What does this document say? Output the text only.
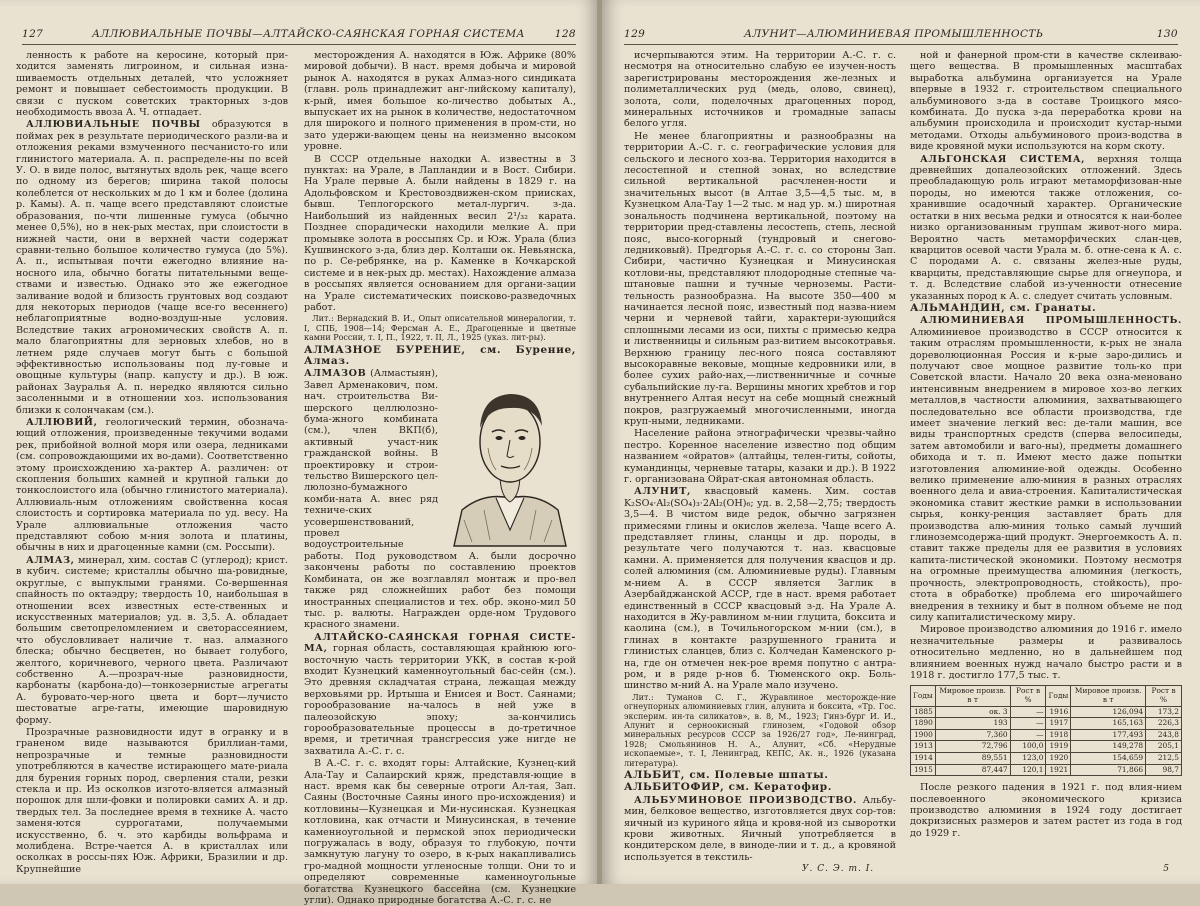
127	АЛЛЮВИАЛЬНЫЕ ПОЧВЫ—АЛТАЙСКО-САЯНСКАЯ ГОРНАЯ СИСТЕМА	128

ленность к работе на керосине, который при-ходится заменять лигроином, и сильная изна-шиваемость отдельных деталей, что усложняет ремонт и повышает себестоимость продукции. В связи с пуском советских тракторных з-дов необходимость ввоза А. Ч. отпадает.

АЛЛЮВИАЛЬНЫЕ ПОЧВЫ образуются в поймах рек в результате периодического разли-ва и отложения реками взмученного песчанисто-го или глинистого материала. А. п. распределе-ны по всей У. О. в виде полос, вытянутых вдоль рек, чаще всего по одному из берегов; ширина такой полосы колеблется от нескольких м до 1 км и более (долина р. Камы). А. п. чаще всего представляют слоистые образования, по-чти лишенные гумуса (обычно менее 0,5%), но в нек-рых местах, при слоистости в нижней части, они в верхней части содержат сравни-тельно большое количество гумуса (до 5%). А. п., испытывая почти ежегодно влияние на-носного ила, обычно богаты питательными веще-ствами и известью. Однако это же ежегодное заливание водой и близость грунтовых вод создают для некоторых периодов (чаще все-го весеннего) неблагоприятные водно-воздуш-ные условия. Вследствие таких агрономических свойств А. п. мало благоприятны для зерновых хлебов, но в летнем ряде случаев могут быть с большой эффективностью использованы под лу-говые и овощные культуры (напр. капусту и др.). В юж. районах Зауралья А. п. нередко являются сильно засоленными и в отношении хоз. использования близки к солончакам (см.).

АЛЛЮВИЙ, геологический термин, обознача-ющий отложения, произведенные текучими водами рек, прибойной волной моря или озера, ледниками (см. сопровождающими их во-дами). Соответственно этому происхождению ха-рактер А. различен: от скопления больших камней и крупной гальки до тонкослоистого ила (обычно глинистого материала). Аллювиаль-ным отложениям свойственна косая слоистость и сортировка материала по уд. весу. На Урале аллювиальные отложения часто представляют собою м-ния золота и платины, обычны в них и драгоценные камни (см. Россыпи).

АЛМАЗ, минерал, хим. состав C (углерод); крист. в кубич. системе; кристаллы обычно ша-ровидные, округлые, с выпуклыми гранями. Со-вершенная спайность по октаэдру; твердость 10, наибольшая в отношении всех известных есте-ственных и искусственных материалов; уд. в. 3,5. А. обладает большим светопреломлением и светорассеянием, что обусловливает наличие т. наз. алмазного блеска; обычно бесцветен, но бывает голубого, желтого, коричневого, черного цвета. Различают собственно А.—прозрач-ные разновидности, карбонаты (карбона-до)—тонкозернистые агрегаты А. буровато-чер-ного цвета и борт—лучисто шестоватые агре-гаты, имеющие шаровидную форму.

Прозрачные разновидности идут в огранку и в граненом виде называются бриллиан-тами, непрозрачные и темные разновидности употребляются в качестве истирающего мате-риала для бурения горных пород, сверления стали, резки стекла и пр. Из осколков изгото-вляется алмазный порошок для шли-фовки и полировки самих А. и др. твердых тел. За последнее время в технике А. часто заменя-ются суррогатами, получаемыми искусственно, б. ч. это карбиды вольфрама и молибдена. Встре-чается А. в кристаллах или осколках в россы-пях Юж. Африки, Бразилии и др. Крупнейшие

месторождения А. находятся в Юж. Африке (80% мировой добычи). В наст. время добыча и мировой рынок А. находятся в руках Алмаз-ного синдиката (главн. роль принадлежит анг-лийскому капиталу), к-рый, имея большое ко-личество добытых А., выпускает их на рынок в количестве, недостаточном для широкого и полного применения в пром-сти, но зато удержи-вающем цены на неизменно высоком уровне.

В СССР отдельные находки А. известны в 3 пунктах: на Урале, в Лапландии и в Вост. Сибири. На Урале первые А. были найдены в 1829 г. на Адольфовском и Крестовоздвижен-ском приисках, бывш. Теплогорского метал-лургич. з-да. Наибольший из найденных весил 2¹/₃₂ карата. Позднее спорадически находили мелкие А. при промывке золота в россыпях Ср. и Юж. Урала (близ Кушвинского з-да, близ дер. Колташи ок. Невьянска, по р. Се-ребрянке, на р. Каменке в Кочкарской системе и в нек-рых др. местах). Нахождение алмаза в россыпях является основанием для органи-зации на Урале систематических поисково-разведочных работ.

Лит.: Вернадский В. И., Опыт описательной минералогии, т. I, СПБ, 1908—14; Ферсман А. Е., Драгоценные и цветные камни России, т. I, П., 1922, т. II, Л., 1925 (указ. лит-ры).

АЛМАЗНОЕ БУРЕНИЕ, см. Бурение, Алмаз.

АЛМАЗОВ (Алмастыян), Завел Арменакович, пом. нач. строительства Ви-шерского целлюлозно-бума-жного комбината (см.), член ВКП(б), активный участ-ник гражданской войны. В проектировку и строи-тельство Вишерского цел-люлозно-бумажного комби-ната А. внес ряд техниче-ских усовершенствований, провел водоустроительные работы. Под руководством А. были досрочно закончены работы по составлению проектов Комбината, он же возглавлял монтаж и про-вел также ряд сложнейших работ без помощи иностранных специалистов и тех. обр. эконо-мил 50 тыс. р. валюты. Награжден орде-ном Трудового красного знамени.

АЛТАЙСКО-САЯНСКАЯ ГОРНАЯ СИСТЕ-МА, горная область, составляющая крайнюю юго-восточную часть территории УКК, в состав к-рой входит Кузнецкий каменноугольный бас-сейн (см.). Это древняя складчатая страна, лежащая между верховьями рр. Иртыша и Енисея и Вост. Саянами; горообразование на-чалось в ней уже в палеозойскую эпоху; за-кончились горообразовательные процессы в до-третичное время, и третичная трансгрессия уже нигде не захватила А.-С. г. с.

В А.-С. г. с. входят горы: Алтайские, Кузнец-кий Ала-Тау и Салаирский кряж, представля-ющие в наст. время как бы северные отроги Ал-тая, Зап. Саяны (Восточные Саяны иного про-исхождения) и котловины—Кузнецкая и Ми-нусинская. Кузнецкая котловина, как отчасти и Минусинская, в течение каменноугольной и пермской эпох периодически погружалась в воду, образуя то глубокую, почти замкнутую лагуну то озеро, в к-рых накапливались гро-мадной мощности угленосные толщи. Они то и определяют современные каменноугольные богатства Кузнецкого бассейна (см. Кузнецкие угли). Однако природные богатства А.-С. г. с. не

129	АЛУНИТ—АЛЮМИНИЕВАЯ ПРОМЫШЛЕННОСТЬ	130

исчерпываются этим. На территории А.-С. г. с. несмотря на относительно слабую ее изучен-ность зарегистрированы месторождения же-лезных и полиметаллических руд (медь, олово, свинец), золота, соли, поделочных драгоценных пород, минеральных источников и громадные запасы белого угля.

Не менее благоприятны и разнообразны на территории А.-С. г. с. географические условия для сельского и лесного хоз-ва. Территория находится в лесостепной и степной зонах, но вследствие сильной вертикальной расчленен-ности и значительных высот (в Алтае 3,5—4,5 тыс. м, в Кузнецком Ала-Тау 1—2 тыс. м над ур. м.) широтная зональность подчинена вертикальной, поэтому на территории пред-ставлены лесостепь, степь, лесной пояс, высо-когорный (тундровый и снегово-ледниковый). Предгорья А.-С. г. с. со стороны Зап. Сибири, частично Кузнецкая и Минусинская котлови-ны, представляют плодородные степные ча-штановые пашни и тучные черноземы. Расти-тельность разнообразна. На высоте 350—400 м начинается лесной пояс, известный под назва-нием черни и черневой тайги, характери-зующийся сплошными лесами из оси, пихты с примесью кедра и лиственницы и сильным раз-витием высокотравья. Верхнюю границу лес-ного пояса составляют высокоравные вековые, мощные кедровники или, в более сухих райо-нах,—лиственничные и сочные субальпийские лу-га. Вершины многих хребтов и гор внутреннего Алтая несут на себе мощный снежный покров, разгружаемый многочисленными, иногда круп-ными, ледниками.

Население района этнографически чрезвы-чайно пестро. Коренное население известно под общим названием «ойратов» (алтайцы, телен-гиты, сойоты, кумандинцы, черневые татары, казаки и др.). В 1922 г. организована Ойрат-ская автономная область.

АЛУНИТ, квасцовый камень. Хим. состав K₂SO₄·Al₂(SO₄)₃·2Al₂(OH)₆; уд. в. 2,58—2,75; твердость 3,5—4. В чистом виде редок, обычно загрязнен примесями глины и окислов железа. Чаще всего А. представляет глины, сланцы и др. породы, в результате чего получаются т. наз. квасцовые камни. А. применяется для получения квасцов и др. солей алюминия (см. Алюминиевые руды). Главным м-нием А. в СССР является Заглик в Азербайджанской АССР, где в наст. время работает единственный в СССР квасцовый з-д. На Урале А. находится в Жу-равлином м-нии глуцита, боксита и каолина (см.), в Точильногорском м-нии (см.), в глинах в контакте разрушенного гранита и глинистых сланцев, близ с. Колчедан Каменского р-на, где он отмечен нек-рое время попутно с антра-ром, и в ряде р-нов б. Тюменского окр. Боль-шинство м-ний А. на Урале мало изучено.

Лит.: Туманов С. Г., Журавлиное месторожде-ние огнеупорных алюминиевых глин, алунита и боксита, «Тр. Гос. эксперим. ин-та силикатов», в. 8, М., 1923; Гинз-бург И. И., Алунит и серноокисный глинозем, «Годовой обзор минеральных ресурсов СССР за 1926/27 год», Ле-нинград, 1928; Смольянинов Н. А., Алунит, «Сб. «Нерудные ископаемые», т. I, Ленинград, КЕПС, Ак. н., 1926 (указана литература).

АЛЬБИТ, см. Полевые шпаты.

АЛЬБИТОФИР, см. Кератофир.

АЛЬБУМИНОВОЕ ПРОИЗВОДСТВО. Альбу-мин, белковое вещество, изготовляется двух сор-тов: яичный из куриного яйца и кровя-ной из сыворотки крови животных. Яичный употребляется в кондитерском деле, в виноде-лии и т. д., а кровяной используется в текстиль-

ной и фанерной пром-сти в качестве склеиваю-щего вещества. В промышленных масштабах выработка альбумина организуется на Урале впервые в 1932 г. строительством специального альбуминового з-да в составе Троицкого мясо-комбината. До пуска з-да переработка крови на альбумин происходила и происходит кустар-ными методами. Отходы альбуминового произ-водства в виде кровяной муки используются на корм скоту.

АЛЬГОНСКАЯ СИСТЕМА, верхняя толща древнейших допалеозойских отложений. Здесь преобладающую роль играют метаморфизован-ные породы, но имеются также отложения, со-хранившие осадочный характер. Органические остатки в них весьма редки и относятся к наи-более низко организованным группам живот-ного мира. Вероятно часть метаморфических слан-цев, кварцитов осевой части Урала м. б. отне-сена к А. с. С породами А. с. связаны желез-ные руды, кварциты, представляющие сырье для огнеупора, и т. д. Вследствие слабой из-ученности отнесение указанных пород к А. с. следует считать условным.

АЛЬМАНДИН, см. Гранаты.

АЛЮМИНИЕВАЯ ПРОМЫШЛЕННОСТЬ. Алюминиевое производство в СССР относится к таким отраслям промышленности, к-рых не знала дореволюционная Россия и к-рые заро-дились и получают свое мощное развитие толь-ко при Советской власти. Начало 20 века озна-меновано интенсивным внедрением в мировое хоз-во легких металлов,в частности алюминия, захватывающего последовательно все области производства, где имеет значение легкий вес: де-тали машин, все виды транспортных средств (сперва велосипеды, затем автомобили и ваго-ны), предметы домашнего обихода и т. п. Имеют место даже попытки изготовления алюминие-вой одежды. Особенно велико применение алю-миния в разных отраслях военного дела и авиа-строения. Капиталистическая экономика ставит жесткие рамки в использовании сырья, конку-ренция заставляет брать для производства алю-миния только самый лучший глиноземсодержа-щий продукт. Энергоемкость А. п. ставит также пределы для ее развития в условиях капита-листической экономики. Поэтому несмотря на огромные преимущества алюминия (легкость, прочность, электропроводность, стойкость), про-стота в обработке) проблема его широчайшего внедрения в технику и быт в полном объеме не под силу капиталистическому миру.

Мировое производство алюминия до 1916 г. имело незначительные размеры и развивалось относительно медленно, но в дальнейшем под влиянием военных нужд начало быстро расти и в 1918 г. достигло 177,5 тыс. т.

Годы	Мировое произв. в т	Рост в %	Годы	Мировое произв. в т	Рост в %
1885	ок. 3	—	1916	126,094	173,2
1890	193	—	1917	165,163	226,3
1900	7,360	—	1918	177,493	243,8
1913	72,796	100,0	1919	149,278	205,1
1914	89,551	123,0	1920	154,659	212,5
1915	87,447	120,1	1921	71,866	98,7

После резкого падения в 1921 г. под влия-нием послевоенного экономического кризиса производство алюминия в 1924 году достигает докризисных размеров и затем растет из года в год до 1929 г.

У. С. Э. т. I.	5
